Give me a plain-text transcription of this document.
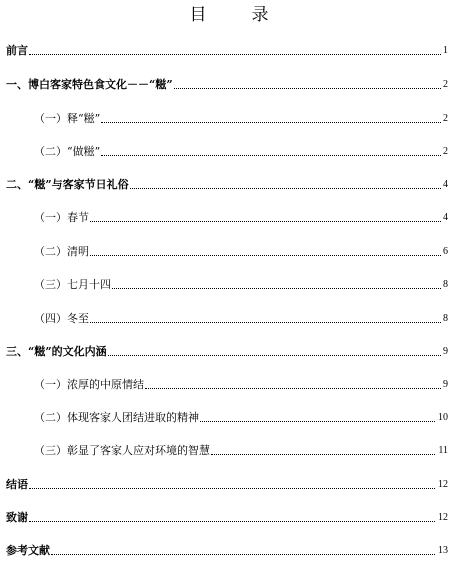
目　录
前言	1
一、博白客家特色食文化－－“糍”	2
（一）释“糍”	2
（二）“做糍”	2
二、“糍”与客家节日礼俗	4
（一）春节	4
（二）清明	6
（三）七月十四	8
（四）冬至	8
三、“糍”的文化内涵	9
（一）浓厚的中原情结	9
（二）体现客家人团结进取的精神	10
（三）彰显了客家人应对环境的智慧	11
结语	12
致谢	12
参考文献	13
